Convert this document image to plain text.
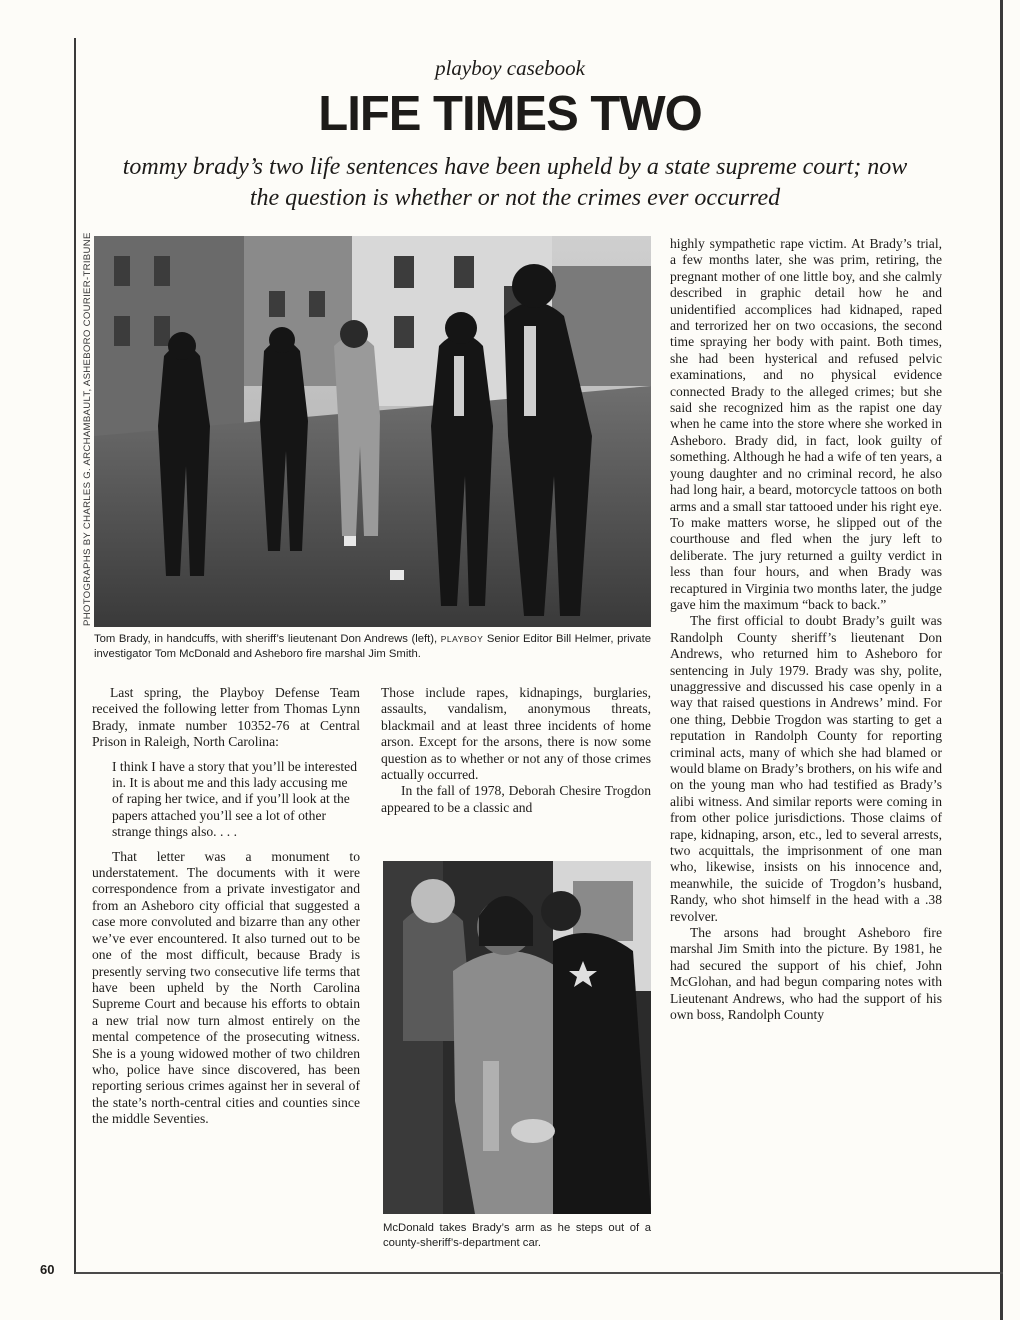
playboy casebook
LIFE TIMES TWO
tommy brady’s two life sentences have been upheld by a state supreme court; now the question is whether or not the crimes ever occurred
PHOTOGRAPHS BY CHARLES G. ARCHAMBAULT, ASHEBORO COURIER-TRIBUNE
Tom Brady, in handcuffs, with sheriff’s lieutenant Don Andrews (left), PLAYBOY Senior Editor Bill Helmer, private investigator Tom McDonald and Asheboro fire marshal Jim Smith.

Last spring, the Playboy Defense Team received the following letter from Thomas Lynn Brady, inmate number 10352-76 at Central Prison in Raleigh, North Carolina:

I think I have a story that you’ll be interested in. It is about me and this lady accusing me of raping her twice, and if you’ll look at the papers attached you’ll see a lot of other strange things also. . . .

That letter was a monument to understatement. The documents with it were correspondence from a private investigator and from an Asheboro city official that suggested a case more convoluted and bizarre than any other we’ve ever encountered. It also turned out to be one of the most difficult, because Brady is presently serving two consecutive life terms that have been upheld by the North Carolina Supreme Court and because his efforts to obtain a new trial now turn almost entirely on the mental competence of the prosecuting witness. She is a young widowed mother of two children who, police have since discovered, has been reporting serious crimes against her in several of the state’s north-central cities and counties since the middle Seventies.

Those include rapes, kidnapings, burglaries, assaults, vandalism, anonymous threats, blackmail and at least three incidents of home arson. Except for the arsons, there is now some question as to whether or not any of those crimes actually occurred.

In the fall of 1978, Deborah Chesire Trogdon appeared to be a classic and

McDonald takes Brady’s arm as he steps out of a county-sheriff’s-department car.

highly sympathetic rape victim. At Brady’s trial, a few months later, she was prim, retiring, the pregnant mother of one little boy, and she calmly described in graphic detail how he and unidentified accomplices had kidnaped, raped and terrorized her on two occasions, the second time spraying her body with paint. Both times, she had been hysterical and refused pelvic examinations, and no physical evidence connected Brady to the alleged crimes; but she said she recognized him as the rapist one day when he came into the store where she worked in Asheboro. Brady did, in fact, look guilty of something. Although he had a wife of ten years, a young daughter and no criminal record, he also had long hair, a beard, motorcycle tattoos on both arms and a small star tattooed under his right eye. To make matters worse, he slipped out of the courthouse and fled when the jury left to deliberate. The jury returned a guilty verdict in less than four hours, and when Brady was recaptured in Virginia two months later, the judge gave him the maximum “back to back.”

The first official to doubt Brady’s guilt was Randolph County sheriff’s lieutenant Don Andrews, who returned him to Asheboro for sentencing in July 1979. Brady was shy, polite, unaggressive and discussed his case openly in a way that raised questions in Andrews’ mind. For one thing, Debbie Trogdon was starting to get a reputation in Randolph County for reporting criminal acts, many of which she had blamed or would blame on Brady’s brothers, on his wife and on the young man who had testified as Brady’s alibi witness. And similar reports were coming in from other police jurisdictions. Those claims of rape, kidnaping, arson, etc., led to several arrests, two acquittals, the imprisonment of one man who, likewise, insists on his innocence and, meanwhile, the suicide of Trogdon’s husband, Randy, who shot himself in the head with a .38 revolver.

The arsons had brought Asheboro fire marshal Jim Smith into the picture. By 1981, he had secured the support of his chief, John McGlohan, and had begun comparing notes with Lieutenant Andrews, who had the support of his own boss, Randolph County

60
